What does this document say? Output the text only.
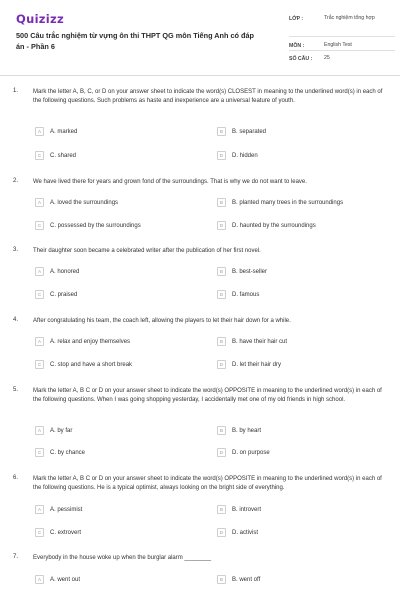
Quizizz
500 Câu trắc nghiệm từ vựng ôn thi THPT QG môn Tiếng Anh có đáp án - Phần 6
LỚP :	Trắc nghiệm tổng hợp
MÔN :	English Test
SỐ CÂU :	25
1. Mark the letter A, B, C, or D on your answer sheet to indicate the word(s) CLOSEST in meaning to the underlined word(s) in each of the following questions. Such problems as haste and inexperience are a universal feature of youth.
A	A. marked	B	B. separated
C	C. shared	D	D. hidden
2. We have lived there for years and grown fond of the surroundings. That is why we do not want to leave.
A	A. loved the surroundings	B	B. planted many trees in the surroundings
C	C. possessed by the surroundings	D	D. haunted by the surroundings
3. Their daughter soon became a celebrated writer after the publication of her first novel.
A	A. honored	B	B. best-seller
C	C. praised	D	D. famous
4. After congratulating his team, the coach left, allowing the players to let their hair down for a while.
A	A. relax and enjoy themselves	B	B. have their hair cut
C	C. stop and have a short break	D	D. let their hair dry
5. Mark the letter A, B C or D on your answer sheet to indicate the word(s) OPPOSITE in meaning to the underlined word(s) in each of the following questions. When I was going shopping yesterday, I accidentally met one of my old friends in high school.
A	A. by far	B	B. by heart
C	C. by chance	D	D. on purpose
6. Mark the letter A, B C or D on your answer sheet to indicate the word(s) OPPOSITE in meaning to the underlined word(s) in each of the following questions. He is a typical optimist, always looking on the bright side of everything.
A	A. pessimist	B	B. introvert
C	C. extrovert	D	D. activist
7. Everybody in the house woke up when the burglar alarm ________
A	A. went out	B	B. went off
